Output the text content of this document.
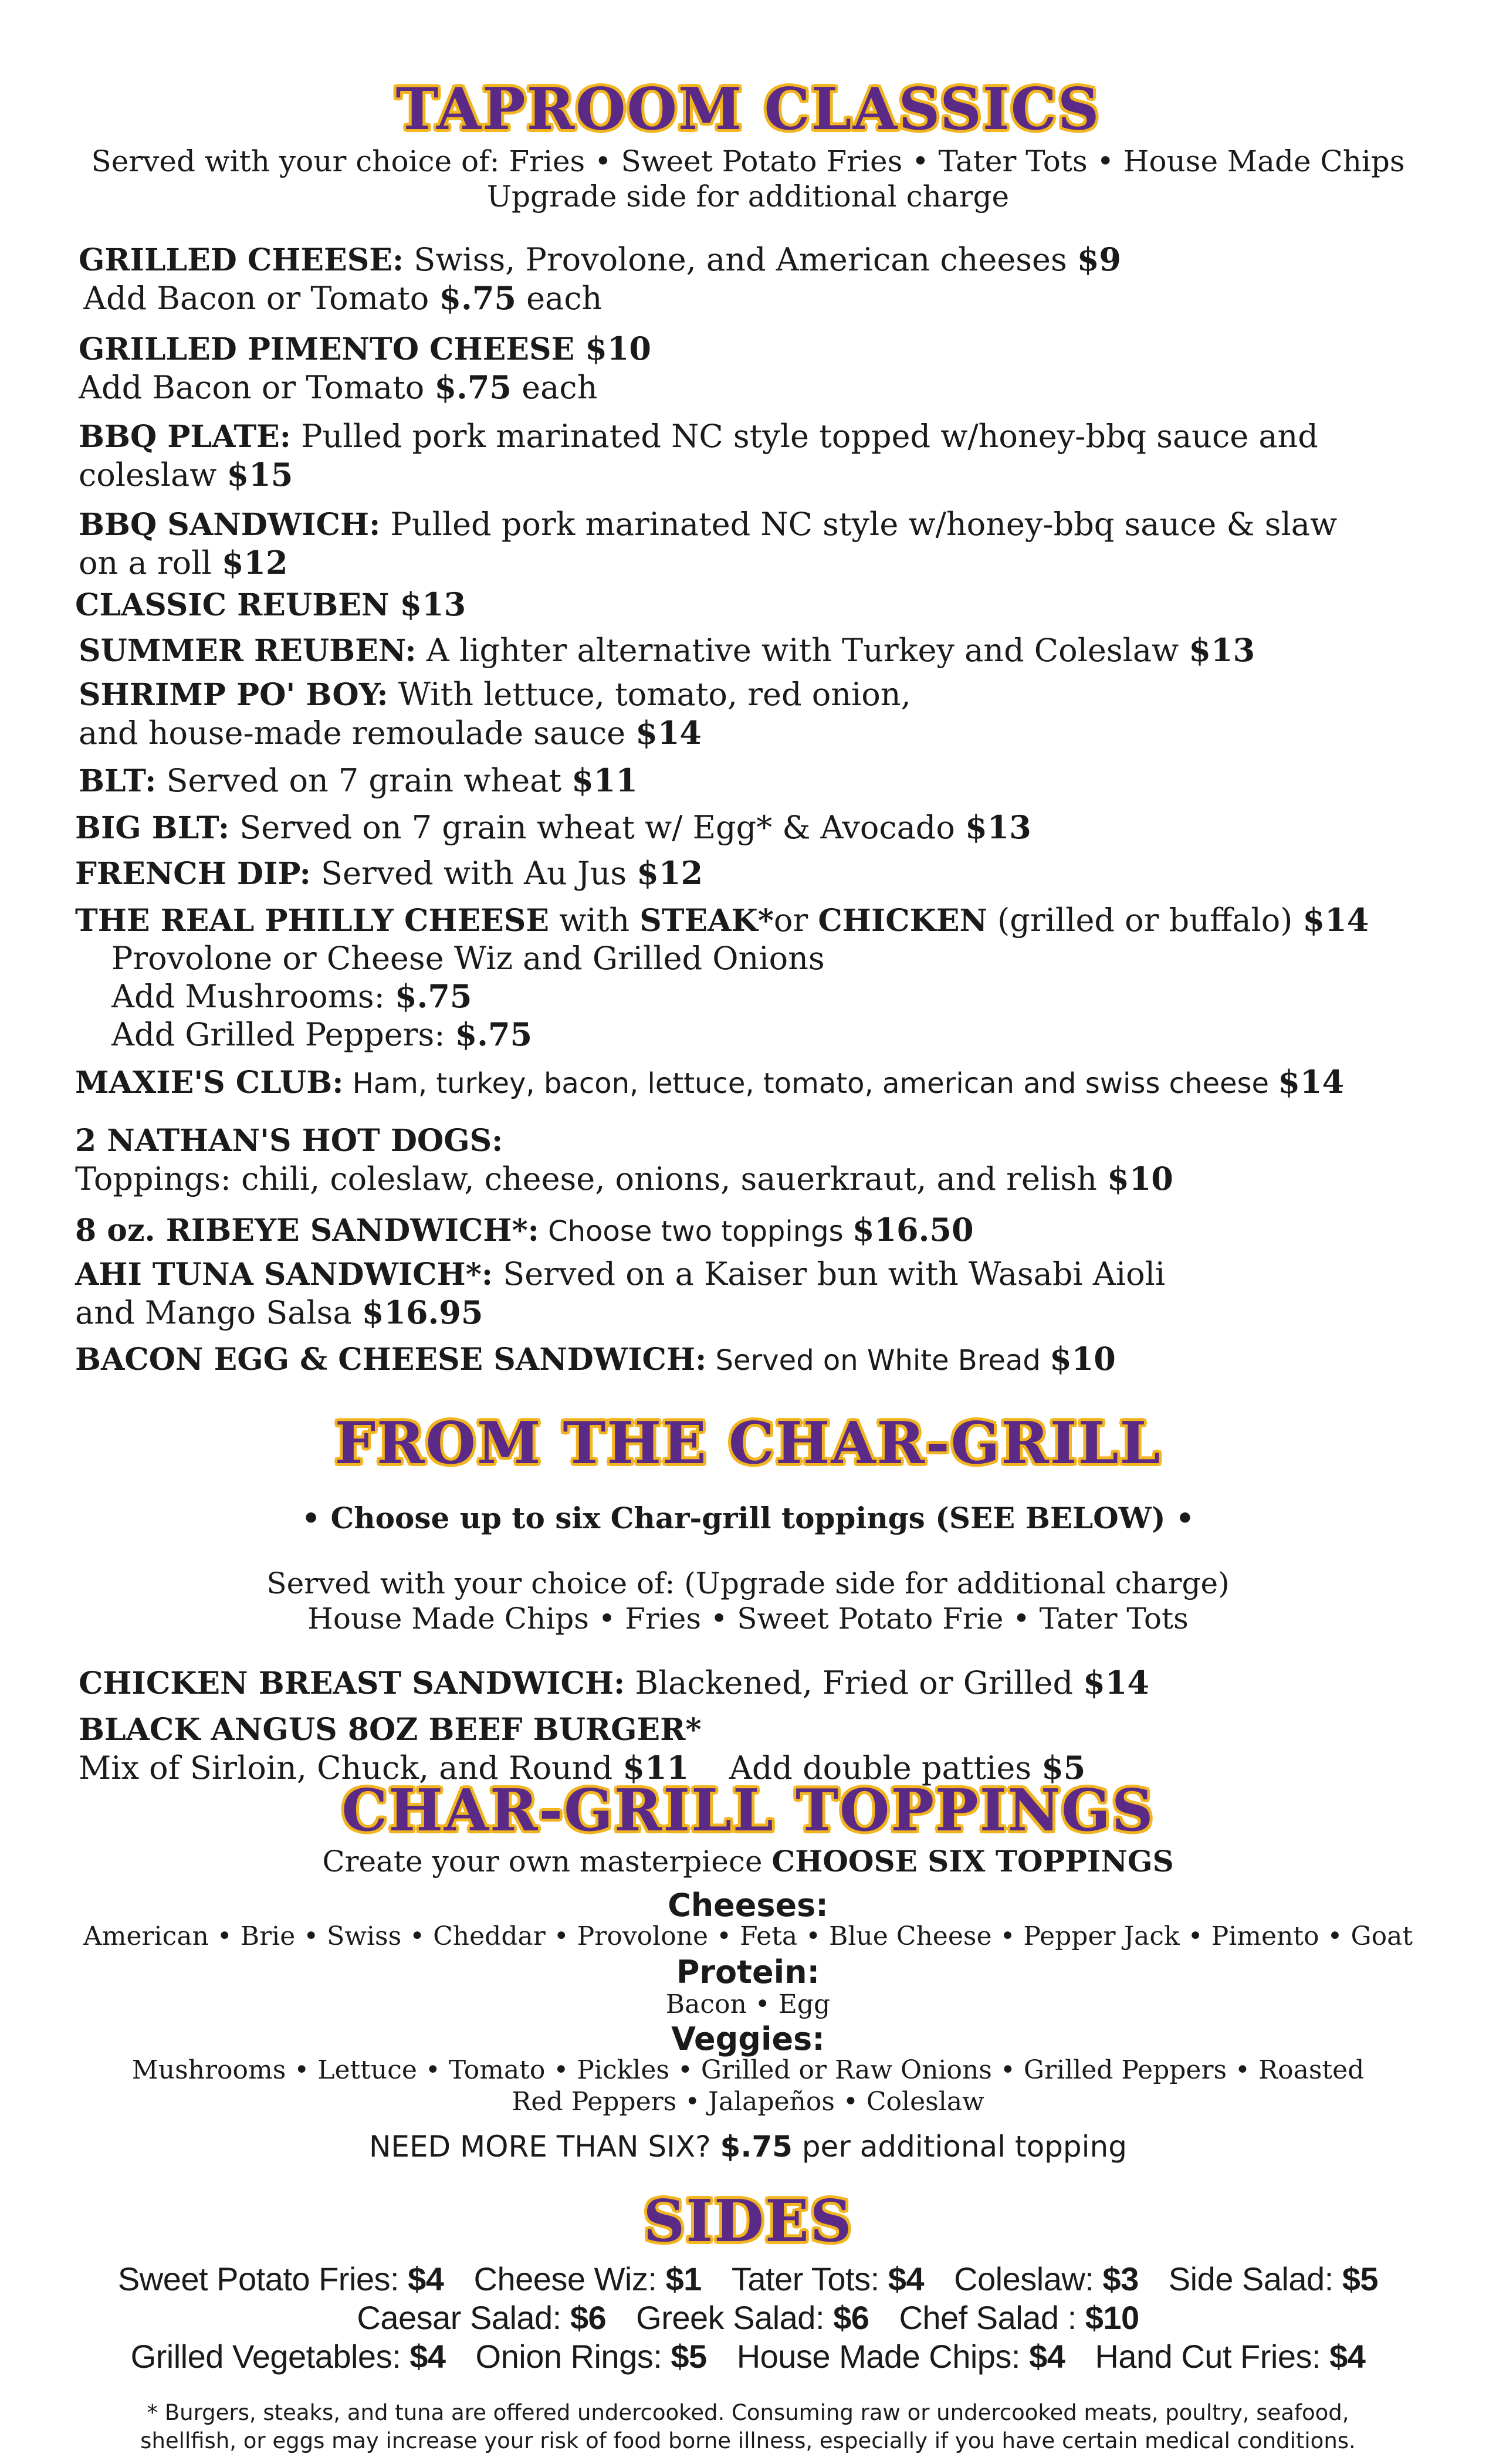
TAPROOM CLASSICS
Served with your choice of: Fries • Sweet Potato Fries • Tater Tots • House Made Chips
Upgrade side for additional charge
GRILLED CHEESE: Swiss, Provolone, and American cheeses $9
Add Bacon or Tomato $.75 each
GRILLED PIMENTO CHEESE $10
Add Bacon or Tomato $.75 each
BBQ PLATE: Pulled pork marinated NC style topped w/honey-bbq sauce and
coleslaw $15
BBQ SANDWICH: Pulled pork marinated NC style w/honey-bbq sauce & slaw
on a roll $12
CLASSIC REUBEN $13
SUMMER REUBEN: A lighter alternative with Turkey and Coleslaw $13
SHRIMP PO' BOY: With lettuce, tomato, red onion,
and house-made remoulade sauce $14
BLT: Served on 7 grain wheat $11
BIG BLT: Served on 7 grain wheat w/ Egg* & Avocado $13
FRENCH DIP: Served with Au Jus $12
THE REAL PHILLY CHEESE with STEAK*or CHICKEN (grilled or buffalo) $14
Provolone or Cheese Wiz and Grilled Onions
Add Mushrooms: $.75
Add Grilled Peppers: $.75
MAXIE'S CLUB: Ham, turkey, bacon, lettuce, tomato, american and swiss cheese $14
2 NATHAN'S HOT DOGS:
Toppings: chili, coleslaw, cheese, onions, sauerkraut, and relish $10
8 oz. RIBEYE SANDWICH*: Choose two toppings $16.50
AHI TUNA SANDWICH*: Served on a Kaiser bun with Wasabi Aioli
and Mango Salsa $16.95
BACON EGG & CHEESE SANDWICH: Served on White Bread $10
FROM THE CHAR-GRILL
• Choose up to six Char-grill toppings (SEE BELOW) •
Served with your choice of: (Upgrade side for additional charge)
House Made Chips • Fries • Sweet Potato Frie • Tater Tots
CHICKEN BREAST SANDWICH: Blackened, Fried or Grilled $14
BLACK ANGUS 8OZ BEEF BURGER*
Mix of Sirloin, Chuck, and Round $11    Add double patties $5
CHAR-GRILL TOPPINGS
Create your own masterpiece CHOOSE SIX TOPPINGS
Cheeses:
American • Brie • Swiss • Cheddar • Provolone • Feta • Blue Cheese • Pepper Jack • Pimento • Goat
Protein:
Bacon • Egg
Veggies:
Mushrooms • Lettuce • Tomato • Pickles • Grilled or Raw Onions • Grilled Peppers • Roasted
Red Peppers • Jalapeños • Coleslaw
NEED MORE THAN SIX? $.75 per additional topping
SIDES
Sweet Potato Fries: $4 Cheese Wiz: $1 Tater Tots: $4 Coleslaw: $3 Side Salad: $5
Caesar Salad: $6 Greek Salad: $6 Chef Salad : $10
Grilled Vegetables: $4 Onion Rings: $5 House Made Chips: $4 Hand Cut Fries: $4
* Burgers, steaks, and tuna are offered undercooked. Consuming raw or undercooked meats, poultry, seafood,
shellfish, or eggs may increase your risk of food borne illness, especially if you have certain medical conditions.
